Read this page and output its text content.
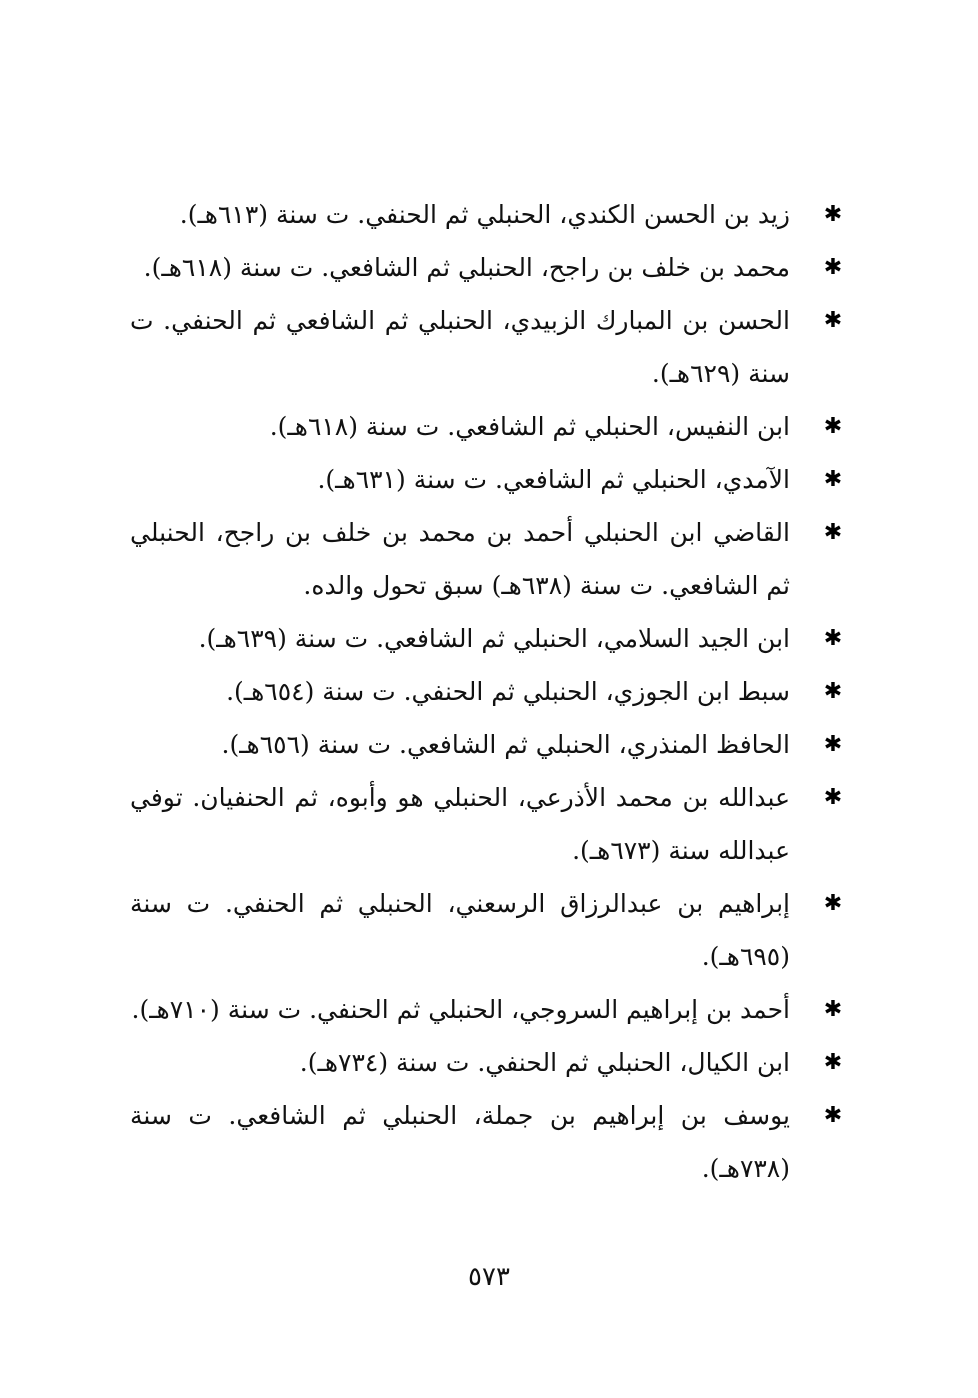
✱
زيد بن الحسن الكندي، الحنبلي ثم الحنفي. ت سنة (٦١٣هـ).
✱
محمد بن خلف بن راجح، الحنبلي ثم الشافعي. ت سنة (٦١٨هـ).
✱
الحسن بن المبارك الزبيدي، الحنبلي ثم الشافعي ثم الحنفي. ت سنة (٦٢٩هـ).
✱
ابن النفيس، الحنبلي ثم الشافعي. ت سنة (٦١٨هـ).
✱
الآمدي، الحنبلي ثم الشافعي. ت سنة (٦٣١هـ).
✱
القاضي ابن الحنبلي أحمد بن محمد بن خلف بن راجح، الحنبلي ثم الشافعي. ت سنة (٦٣٨هـ) سبق تحول والده.
✱
ابن الجيد السلامي، الحنبلي ثم الشافعي. ت سنة (٦٣٩هـ).
✱
سبط ابن الجوزي، الحنبلي ثم الحنفي. ت سنة (٦٥٤هـ).
✱
الحافظ المنذري، الحنبلي ثم الشافعي. ت سنة (٦٥٦هـ).
✱
عبدالله بن محمد الأذرعي، الحنبلي هو وأبوه، ثم الحنفيان. توفي عبدالله سنة (٦٧٣هـ).
✱
إبراهيم بن عبدالرزاق الرسعني، الحنبلي ثم الحنفي. ت سنة (٦٩٥هـ).
✱
أحمد بن إبراهيم السروجي، الحنبلي ثم الحنفي. ت سنة (٧١٠هـ).
✱
ابن الكيال، الحنبلي ثم الحنفي. ت سنة (٧٣٤هـ).
✱
يوسف بن إبراهيم بن جملة، الحنبلي ثم الشافعي. ت سنة (٧٣٨هـ).
٥٧٣
